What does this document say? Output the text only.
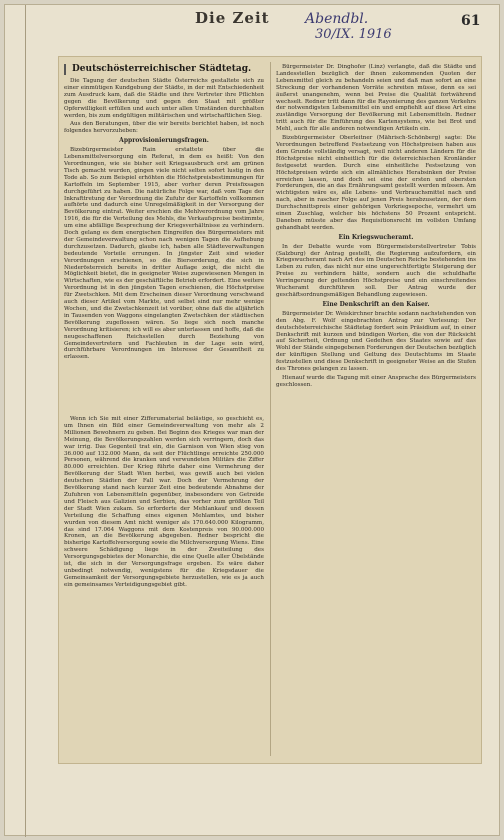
Die Zeit	Abendbl.
30/IX. 1916
61
Deutschösterreichischer Städtetag.

Die Tagung der deutschen Städte Österreichs gestaltete sich zu einer einmütigen Kundgebung der Städte, in der mit Entschiedenheit zum Ausdruck kam, daß die Städte und ihre Vertreter ihre Pflichten gegen die Bevölkerung und gegen den Staat mit größter Opferwilligkeit erfüllen und auch unter allen Umständen durchhalten werden, bis zum endgültigen militärischen und wirtschaftlichen Sieg.

Aus den Beratungen, über die wir bereits berichtet haben, ist noch folgendes hervorzuheben:

Approvisionierungsfragen.

Bizebürgermeister Rain erstattete über die Lebensmittelversorgung ein Referat, in dem es heißt: Von den Verordnungen, wie sie bisher seit Kriegsausbruch erst am grünen Tisch gemacht wurden, gingen viele nicht selten sofort lustig in den Tode ab. So zum Beispiel erhöhten die Höchstpreisbestimmungen für Kartoffeln im September 1915, aber vorher deren Preisfixsagen durchgeführt zu haben. Die natürliche Folge war, daß vom Tage der Inkrafttretung der Verordnung die Zufuhr der Kartoffeln vollkommen aufhörte und dadurch eine Unregelmäßigkeit in der Versorgung der Bevölkerung eintrat. Weiter erschien die Mehlverordnung vom Jahre 1916, die für die Verteilung des Mehls, die Verkaufspreise bestimmte, um eine abfällige Besprechung der Kriegsverhältnisse zu verhindern. Doch gelang es dem energischen Eingreifen des Bürgermeisters mit der Gemeindeverwaltung schon nach wenigen Tagen die Aufhebung durchzusetzen. Dadurch, glaube ich, haben alle Städteverwaltungen bedeutende Vorteile errungen. In jüngster Zeit sind wieder Verordnungen erschienen, so die Biersorderung, die sich in Niederösterreich bereits in dritter Auflage zeigt, die nicht die Möglichkeit bietet, die in geeigneter Weise zugewiesenen Mengen in Wirtschaften, wie es der geschäftliche Betrieb erfordert. Eine weitere Verordnung ist in den jüngsten Tagen erschienen, die Höchstpreise für Zwetschken. Mit dem Erscheinen dieser Verordnung verschwand auch dieser Artikel vom Markte, und selbst sind nur mehr wenige Wochen, und die Zwetschkenzeit ist vorüber, ohne daß die alljährlich in Tausenden von Waggons eingelangten Zwetschken der städtischen Bevölkerung zugeflossen wären. So liege sich noch manche Verordnung kritisieren; ich will es aber unterlassen und hoffe, daß die neugeschaffenen Reichsstellen durch Beziehung von Gemeindevertretern und Fachleuten in der Lage sein wird, durchführbare Verordnungen im Interesse der Gesamtheit zu erlassen.

Wenn ich Sie mit einer Zifferumaterial belästige, so geschieht es, um Ihnen ein Bild einer Gemeindeverwaltung von mehr als 2 Millionen Bewohnern zu geben. Bei Beginn des Krieges war man der Meinung, die Bevölkerungszahlen werden sich verringern, doch das war irrig. Das Gegenteil trat ein, die Garnison von Wien stieg von 36.000 auf 132.000 Mann, da seit der Flüchtlinge erreichte 250.000 Personen, während die kranken und verwundeten Militärs die Ziffer 80.000 erreichten. Der Krieg führte daher eine Vermehrung der Bevölkerung der Stadt Wien herbei, was gewiß auch bei vielen deutschen Städten der Fall war. Doch der Vermehrung der Bevölkerung stand nach kurzer Zeit eine bedeutende Abnahme der Zufuhren von Lebensmitteln gegenüber, insbesondere von Getreide und Fleisch aus Galizien und Serbien, das vorher zum größten Teil der Stadt Wien zukam. So erforderte der Mehlankauf und dessen Verteilung die Schaffung eines eigenen Mehlamtes, und bisher wurden von diesem Amt nicht weniger als 170.640.000 Kilogramm, das sind 17.064 Waggons mit dem Kostenpreis von 90.000.000 Kronen, an die Bevölkerung abgegeben. Redner bespricht die bisherige Kartoffelversorgung sowie die Milchversorgung Wiens. Eine schwere Schädigung liege in der Zweiteilung des Versorgungsgebietes der Monarchie, die eine Quelle aller Übelstände ist, die sich in der Versorgungsfrage ergeben. Es wäre daher unbedingt notwendig, wenigstens für die Kriegsdauer die Gemeinsamkeit der Versorgungsgebiete herzustellen, wie es ja auch ein gemeinsames Verteidigungsgebiet gibt.

Bürgermeister Dr. Dinghofer (Linz) verlangte, daß die Städte und Landesstellen bezüglich der ihnen zukommenden Quoten der Lebensmittel gleich zu behandeln seien und daß man sofort an eine Streckung der vorhandenen Vorräte schreiten müsse, denn es sei äußerst unangenehm, wenn bei Preise die Qualität fortwährend wechselt. Redner tritt dann für die Rayonierung des ganzen Verkehrs der notwendigsten Lebensmittel ein und empfiehlt auf diese Art eine zuständige Versorgung der Bevölkerung mit Lebensmitteln. Redner tritt auch für die Einführung des Kartensystems, wie bei Brot und Mehl, auch für alle anderen notwendigen Artikeln ein.

Bizebürgermeister Oberleitner (Mährisch-Schönberg) sagte: Die Verordnungen betreffend Festsetzung von Höchstpreisen haben aus dem Grunde vollständig versagt, weil nicht anderen Ländern für die Höchstpreise nicht einheitlich für die österreichischen Kronländer festgesetzt wurden. Durch eine einheitliche Festsetzung von Höchstpreisen würde sich ein allmähliches Herabsinken der Preise erreichen lassen, und doch sei eine der ersten und obersten Forderungen, die an das Ernährungsamt gestellt werden müssen. Am wichtigsten wäre es, alle Lebens- und Verbrauchsmittel nach und nach, aber in rascher Folge auf jenen Preis herabzusetzen, der dem Durchschnittspreis einer gehörigen Vorkriegsepoche, vermehrt um einen Zuschlag, welcher bis höchstens 50 Prozent entspricht. Daneben müsste aber das Requisitionsrecht im vollsten Umfang gehandhabt werden.

Ein Kriegswucheramt.

In der Debatte wurde vom Bürgermeisterstellvertreter Tobis (Salzburg) der Antrag gestellt, die Regierung aufzufordern, ein Kriegswucheramt nach Art des im Deutschen Reiche bestehenden ins Leben zu rufen, das nicht nur eine ungerechtfertigte Steigerung der Preise zu verhindern hätte, sondern auch die schuldhafte Verringerung der geltenden Höchstpreise und ein einschreitendes Wucheramt durchführen soll. Der Antrag wurde der geschäftsordnungsmäßigen Behandlung zugewiesen.

Eine Denkschrift an den Kaiser.

Bürgermeister Dr. Weiskirchner brachte sodann nachstehenden von den Abg. F. Wolf eingebrachten Antrag zur Verlesung: Der deutschösterreichische Städtetag fordert sein Präsidium auf, in einer Denkschrift mit kurzen und bündigen Worten, die von der Rücksicht auf Sicherheit, Ordnung und Gedeihen des Staates sowie auf das Wohl der Stände eingegebenen Forderungen der Deutschen bezüglich der künftigen Stellung und Geltung des Deutschtums im Staate festzustellen und diese Denkschrift in geeigneter Weise an die Stufen des Thrones gelangen zu lassen.

Hienauf wurde die Tagung mit einer Ansprache des Bürgermeisters geschlossen.
